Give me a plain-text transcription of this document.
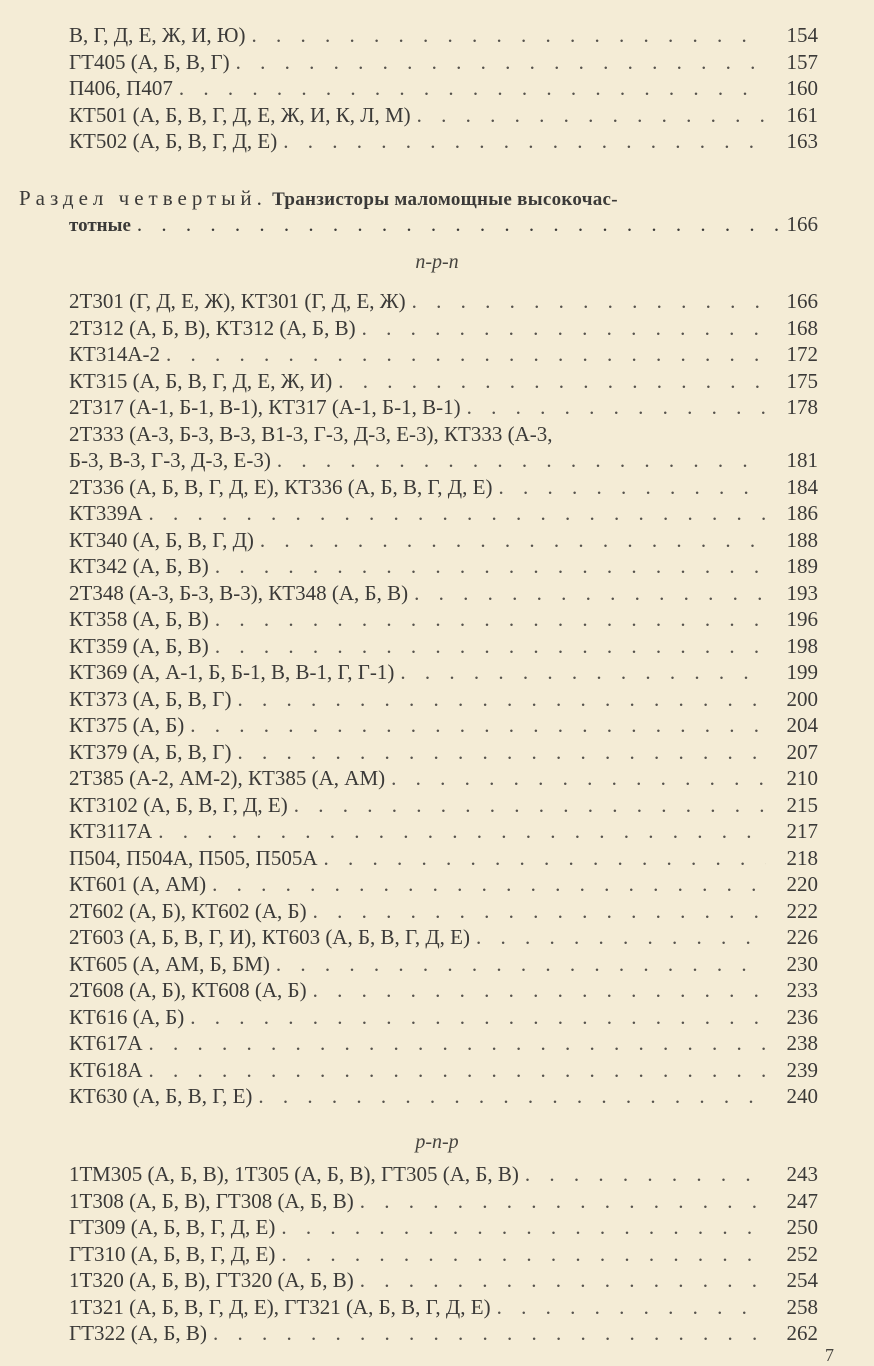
В, Г, Д, Е, Ж, И, Ю) . . .	154
ГТ405 (А, Б, В, Г) . . .	157
П406, П407 . . .	160
КТ501 (А, Б, В, Г, Д, Е, Ж, И, К, Л, М) . . .	161
КТ502 (А, Б, В, Г, Д, Е) . . .	163
Раздел четвертый. Транзисторы маломощные высокочас-
тотные . . .	166
n-p-n
2Т301 (Г, Д, Е, Ж), КТ301 (Г, Д, Е, Ж) . . .	166
2Т312 (А, Б, В), КТ312 (А, Б, В) . . .	168
КТ314А-2 . . .	172
КТ315 (А, Б, В, Г, Д, Е, Ж, И) . . .	175
2Т317 (А-1, Б-1, В-1), КТ317 (А-1, Б-1, В-1) . . .	178
2Т333 (А-3, Б-3, В-3, В1-3, Г-3, Д-3, Е-3), КТ333 (А-3,
Б-3, В-3, Г-3, Д-3, Е-3) . . .	181
2Т336 (А, Б, В, Г, Д, Е), КТ336 (А, Б, В, Г, Д, Е) . . .	184
КТ339А . . .	186
КТ340 (А, Б, В, Г, Д) . . .	188
КТ342 (А, Б, В) . . .	189
2Т348 (А-3, Б-3, В-3), КТ348 (А, Б, В) . . .	193
КТ358 (А, Б, В) . . .	196
КТ359 (А, Б, В) . . .	198
КТ369 (А, А-1, Б, Б-1, В, В-1, Г, Г-1) . . .	199
КТ373 (А, Б, В, Г) . . .	200
КТ375 (А, Б) . . .	204
КТ379 (А, Б, В, Г) . . .	207
2Т385 (А-2, АМ-2), КТ385 (А, АМ) . . .	210
КТ3102 (А, Б, В, Г, Д, Е) . . .	215
КТ3117А . . .	217
П504, П504А, П505, П505А . . .	218
КТ601 (А, АМ) . . .	220
2Т602 (А, Б), КТ602 (А, Б) . . .	222
2Т603 (А, Б, В, Г, И), КТ603 (А, Б, В, Г, Д, Е) . . .	226
КТ605 (А, АМ, Б, БМ) . . .	230
2Т608 (А, Б), КТ608 (А, Б) . . .	233
КТ616 (А, Б) . . .	236
КТ617А . . .	238
КТ618А . . .	239
КТ630 (А, Б, В, Г, Е) . . .	240
p-n-p
1ТМ305 (А, Б, В), 1Т305 (А, Б, В), ГТ305 (А, Б, В) . . .	243
1Т308 (А, Б, В), ГТ308 (А, Б, В) . . .	247
ГТ309 (А, Б, В, Г, Д, Е) . . .	250
ГТ310 (А, Б, В, Г, Д, Е) . . .	252
1Т320 (А, Б, В), ГТ320 (А, Б, В) . . .	254
1Т321 (А, Б, В, Г, Д, Е), ГТ321 (А, Б, В, Г, Д, Е) . . .	258
ГТ322 (А, Б, В) . . .	262
7
